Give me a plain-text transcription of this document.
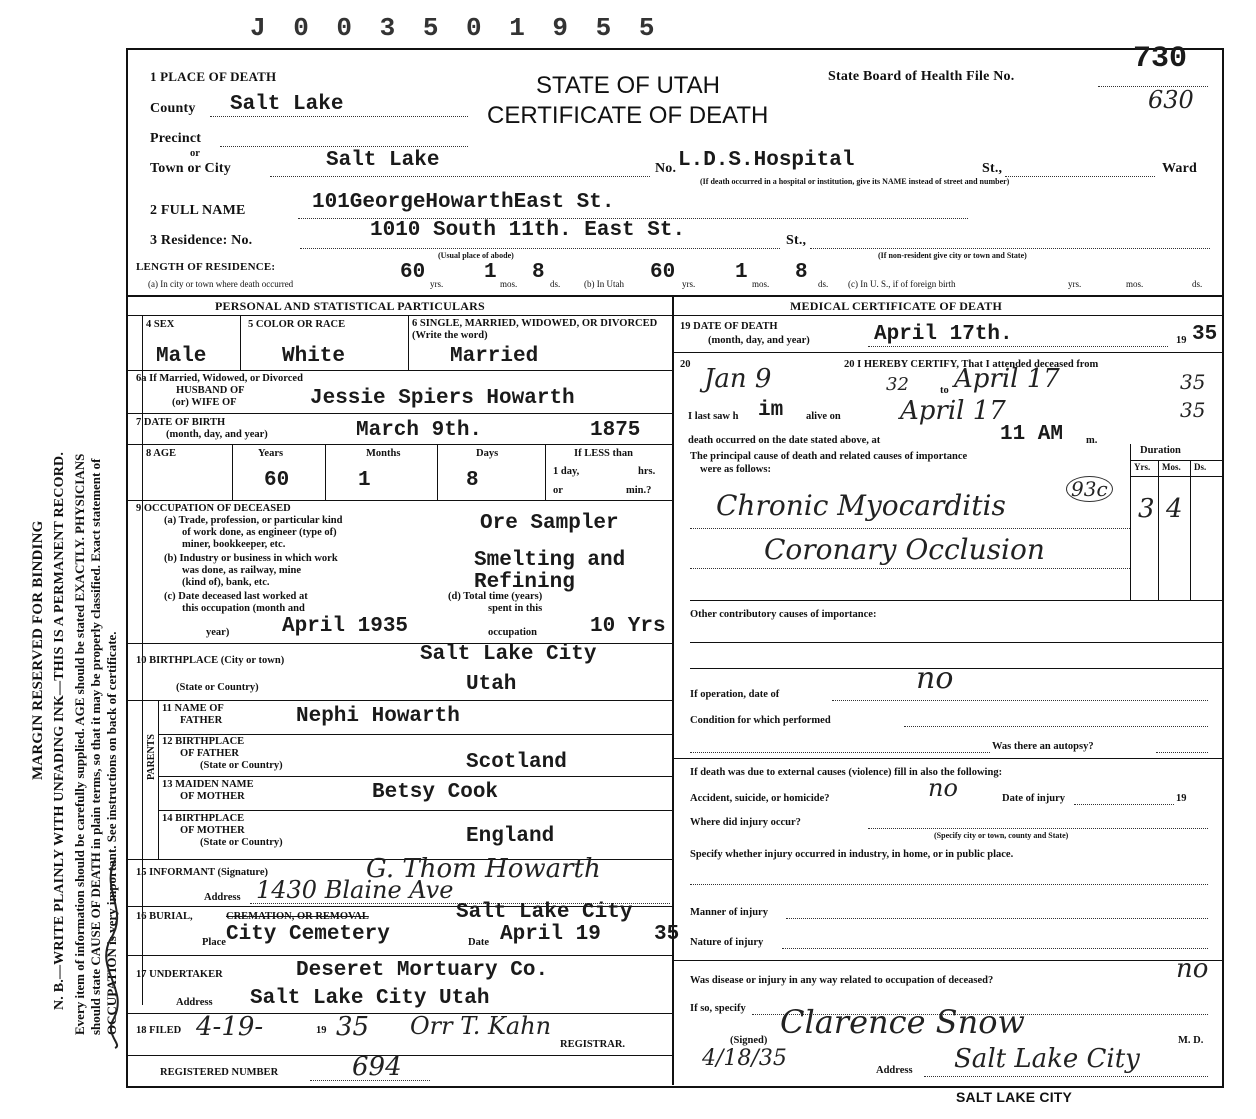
MARGIN RESERVED FOR BINDING N. B.—WRITE PLAINLY WITH UNFADING INK—THIS IS A PERMANENT RECORD. Every item of information should be carefully supplied. AGE should be stated EXACTLY. PHYSICIANS should state CAUSE OF DEATH in plain terms, so that it may be properly classified. Exact statement of OCCUPATION is very important. See instructions on back of certificate.
J 0 0 3 5 0 1 9 5 5
1 PLACE OF DEATH	STATE OF UTAH
CERTIFICATE OF DEATH
State Board of Health File No.
730
630
County Salt Lake
Precinct
or
Town or City	Salt Lake	No. L.D.S.Hospital	St.,	Ward
(If death occurred in a hospital or institution, give its NAME instead of street and number)
2 FULL NAME	101GeorgeHowarthEast St.
3 Residence: No.	1010 South 11th. East St.	St.,
(Usual place of abode)	(If non-resident give city or town and State)
LENGTH OF RESIDENCE:
(a) In city or town where death occurred	60 yrs. 1 mos. 8 ds.	(b) In Utah 60 yrs. 1 mos. 8 ds. (c) In U. S., if of foreign birth	yrs.	mos.	ds.
PERSONAL AND STATISTICAL PARTICULARS	MEDICAL CERTIFICATE OF DEATH
4 SEX
Male
5 COLOR OR RACE
White
6 SINGLE, MARRIED, WIDOWED, OR DIVORCED (Write the word)
Married
6a If Married, Widowed, or Divorced
HUSBAND OF
(or) WIFE OF	Jessie Spiers Howarth
7 DATE OF BIRTH
(month, day, and year)	March 9th.	1875
8 AGE	Years	Months	Days	If LESS than
1 day,	hrs.
or	min.?
60	1	8
9 OCCUPATION OF DECEASED
(a) Trade, profession, or particular kind
of work done, as engineer (type of)
miner, bookkeeper, etc.
Ore Sampler
(b) Industry or business in which work
was done, as railway, mine
(kind of), bank, etc.
Smelting and
Refining
(c) Date deceased last worked at
this occupation (month and
year)	April 1935
(d) Total time (years)
spent in this
occupation	10 Yrs
10 BIRTHPLACE (City or town)	Salt Lake City
(State or Country)	Utah
PARENTS
11 NAME OF
FATHER	Nephi Howarth
12 BIRTHPLACE
OF FATHER
(State or Country)	Scotland
13 MAIDEN NAME
OF MOTHER	Betsy Cook
14 BIRTHPLACE
OF MOTHER
(State or Country)	England
15 INFORMANT (Signature)	G. Thom Howarth
Address 1430 Blaine Ave
16 BURIAL,	CREMATION, OR REMOVAL	Salt Lake City
Place City Cemetery	Date April 19	35
17 UNDERTAKER	Deseret Mortuary Co.
Address Salt Lake City Utah
18 FILED 4-19-	19 35 Orr T. Kahn
REGISTRAR.
REGISTERED NUMBER	694
19 DATE OF DEATH
(month, day, and year)	April 17th.	19 35
20	20 I HEREBY CERTIFY, That I attended deceased from
Jan 9	32	to April 17	35
I last saw h im alive on April 17	35
death occurred on the date stated above, at	11 AM m.
The principal cause of death and related causes of importance
were as follows:
Duration
Yrs. Mos. Ds.
Chronic Myocarditis	93c
3 4
Coronary Occlusion
Other contributory causes of importance:
If operation, date of	no
Condition for which performed
Was there an autopsy?
If death was due to external causes (violence) fill in also the following:
Accident, suicide, or homicide?	no	Date of injury	19
Where did injury occur?
(Specify city or town, county and State)
Specify whether injury occurred in industry, in home, or in public place.
Manner of injury
Nature of injury
Was disease or injury in any way related to occupation of deceased?	no
If so, specify
(Signed) Clarence Snow	M. D.
4/18/35	Address Salt Lake City
SALT LAKE CITY
